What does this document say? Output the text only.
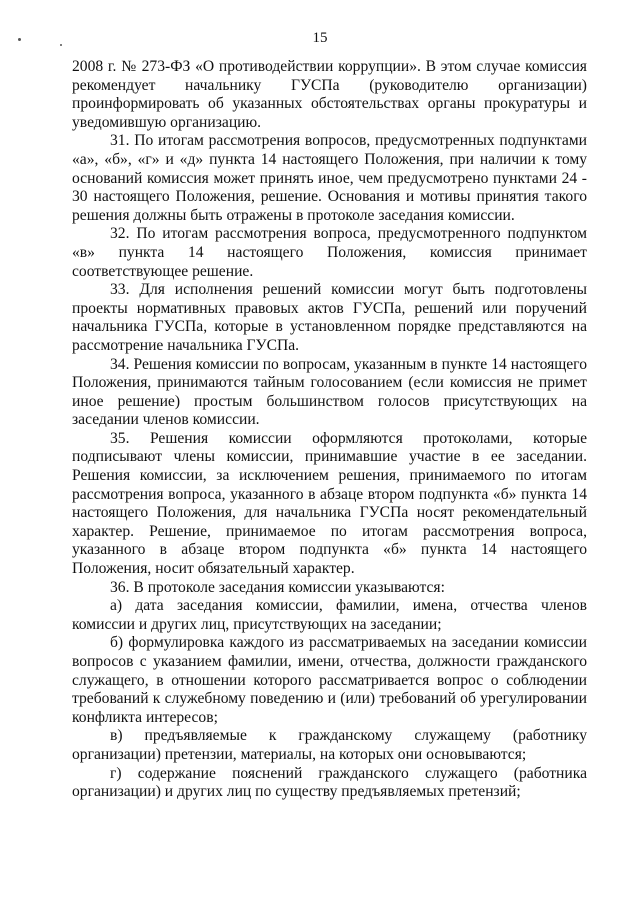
15

2008 г. № 273-ФЗ «О противодействии коррупции». В этом случае комиссия рекомендует начальнику ГУСПа (руководителю организации) проинформировать об указанных обстоятельствах органы прокуратуры и уведомившую организацию.

31. По итогам рассмотрения вопросов, предусмотренных подпунктами «а», «б», «г» и «д» пункта 14 настоящего Положения, при наличии к тому оснований комиссия может принять иное, чем предусмотрено пунктами 24 - 30 настоящего Положения, решение. Основания и мотивы принятия такого решения должны быть отражены в протоколе заседания комиссии.

32. По итогам рассмотрения вопроса, предусмотренного подпунктом «в» пункта 14 настоящего Положения, комиссия принимает соответствующее решение.

33. Для исполнения решений комиссии могут быть подготовлены проекты нормативных правовых актов ГУСПа, решений или поручений начальника ГУСПа, которые в установленном порядке представляются на рассмотрение начальника ГУСПа.

34. Решения комиссии по вопросам, указанным в пункте 14 настоящего Положения, принимаются тайным голосованием (если комиссия не примет иное решение) простым большинством голосов присутствующих на заседании членов комиссии.

35. Решения комиссии оформляются протоколами, которые подписывают члены комиссии, принимавшие участие в ее заседании. Решения комиссии, за исключением решения, принимаемого по итогам рассмотрения вопроса, указанного в абзаце втором подпункта «б» пункта 14 настоящего Положения, для начальника ГУСПа носят рекомендательный характер. Решение, принимаемое по итогам рассмотрения вопроса, указанного в абзаце втором подпункта «б» пункта 14 настоящего Положения, носит обязательный характер.

36. В протоколе заседания комиссии указываются:

а) дата заседания комиссии, фамилии, имена, отчества членов комиссии и других лиц, присутствующих на заседании;

б) формулировка каждого из рассматриваемых на заседании комиссии вопросов с указанием фамилии, имени, отчества, должности гражданского служащего, в отношении которого рассматривается вопрос о соблюдении требований к служебному поведению и (или) требований об урегулировании конфликта интересов;

в) предъявляемые к гражданскому служащему (работнику организации) претензии, материалы, на которых они основываются;

г) содержание пояснений гражданского служащего (работника организации) и других лиц по существу предъявляемых претензий;
